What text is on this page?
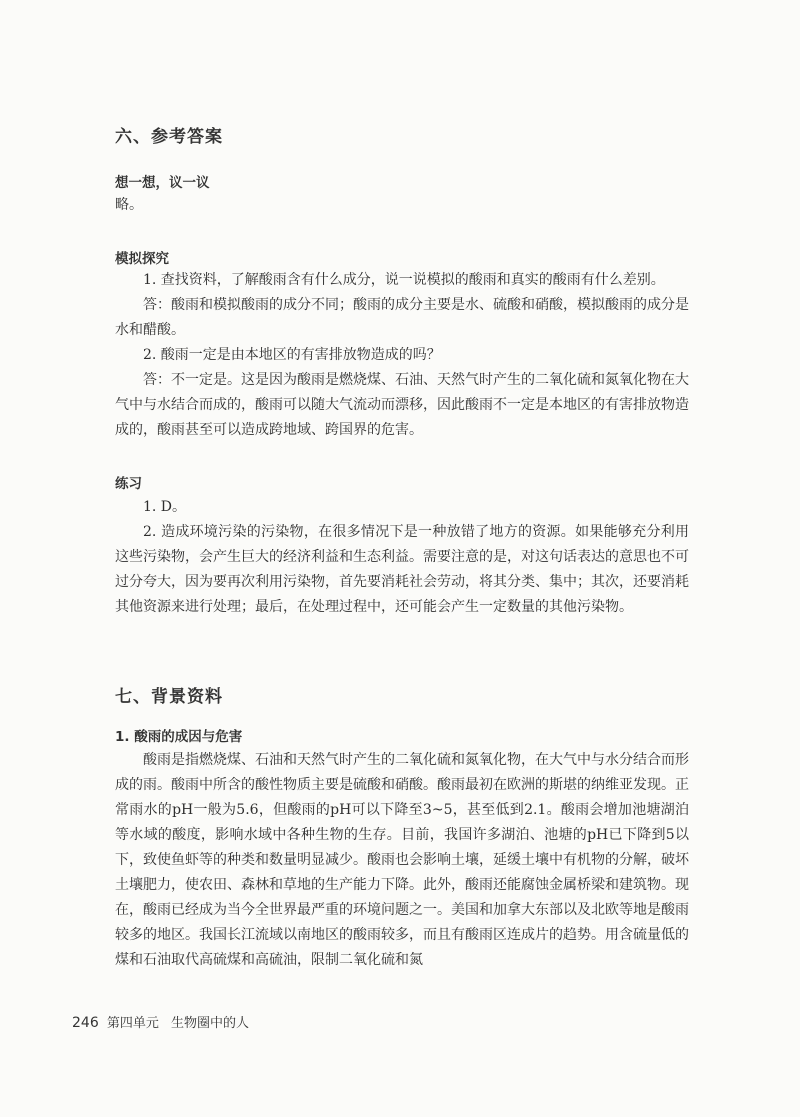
六、参考答案
想一想，议一议

略。

模拟探究

1. 查找资料，了解酸雨含有什么成分，说一说模拟的酸雨和真实的酸雨有什么差别。

答：酸雨和模拟酸雨的成分不同；酸雨的成分主要是水、硫酸和硝酸，模拟酸雨的成分是水和醋酸。

2. 酸雨一定是由本地区的有害排放物造成的吗？

答：不一定是。这是因为酸雨是燃烧煤、石油、天然气时产生的二氧化硫和氮氧化物在大气中与水结合而成的，酸雨可以随大气流动而漂移，因此酸雨不一定是本地区的有害排放物造成的，酸雨甚至可以造成跨地域、跨国界的危害。

练习

1. D。

2. 造成环境污染的污染物，在很多情况下是一种放错了地方的资源。如果能够充分利用这些污染物，会产生巨大的经济利益和生态利益。需要注意的是，对这句话表达的意思也不可过分夸大，因为要再次利用污染物，首先要消耗社会劳动，将其分类、集中；其次，还要消耗其他资源来进行处理；最后，在处理过程中，还可能会产生一定数量的其他污染物。

七、背景资料
1. 酸雨的成因与危害

酸雨是指燃烧煤、石油和天然气时产生的二氧化硫和氮氧化物，在大气中与水分结合而形成的雨。酸雨中所含的酸性物质主要是硫酸和硝酸。酸雨最初在欧洲的斯堪的纳维亚发现。正常雨水的pH一般为5.6，但酸雨的pH可以下降至3~5，甚至低到2.1。酸雨会增加池塘湖泊等水域的酸度，影响水域中各种生物的生存。目前，我国许多湖泊、池塘的pH已下降到5以下，致使鱼虾等的种类和数量明显减少。酸雨也会影响土壤，延缓土壤中有机物的分解，破坏土壤肥力，使农田、森林和草地的生产能力下降。此外，酸雨还能腐蚀金属桥梁和建筑物。现在，酸雨已经成为当今全世界最严重的环境问题之一。美国和加拿大东部以及北欧等地是酸雨较多的地区。我国长江流域以南地区的酸雨较多，而且有酸雨区连成片的趋势。用含硫量低的煤和石油取代高硫煤和高硫油，限制二氧化硫和氮

246 第四单元 生物圈中的人
